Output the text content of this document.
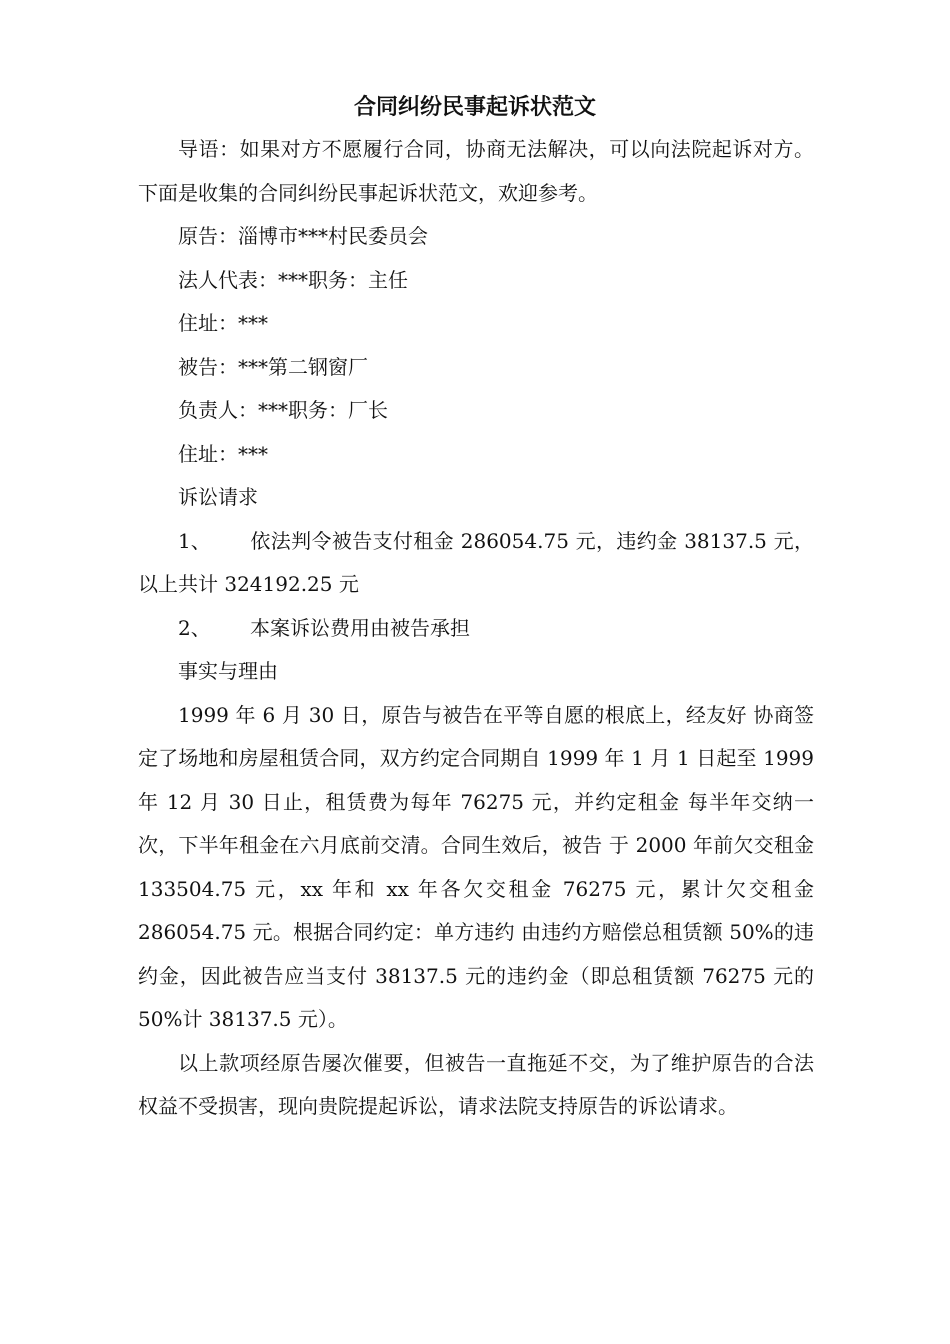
合同纠纷民事起诉状范文

导语：如果对方不愿履行合同，协商无法解决，可以向法院起诉对方。下面是收集的合同纠纷民事起诉状范文，欢迎参考。

原告：淄博市***村民委员会

法人代表：***职务：主任

住址：***

被告：***第二钢窗厂

负责人：***职务：厂长

住址：***

诉讼请求

1、 依法判令被告支付租金 286054.75 元，违约金 38137.5 元， 以上共计 324192.25 元

2、 本案诉讼费用由被告承担

事实与理由

1999 年 6 月 30 日，原告与被告在平等自愿的根底上，经友好 协商签定了场地和房屋租赁合同，双方约定合同期自 1999 年 1 月 1 日起至 1999 年 12 月 30 日止，租赁费为每年 76275 元，并约定租金 每半年交纳一次，下半年租金在六月底前交清。合同生效后，被告 于 2000 年前欠交租金 133504.75 元，xx 年和 xx 年各欠交租金 76275 元，累计欠交租金 286054.75 元。根据合同约定：单方违约 由违约方赔偿总租赁额 50%的违约金，因此被告应当支付 38137.5 元的违约金（即总租赁额 76275 元的 50%计 38137.5 元）。

以上款项经原告屡次催要，但被告一直拖延不交，为了维护原告的合法权益不受损害，现向贵院提起诉讼，请求法院支持原告的诉讼请求。
